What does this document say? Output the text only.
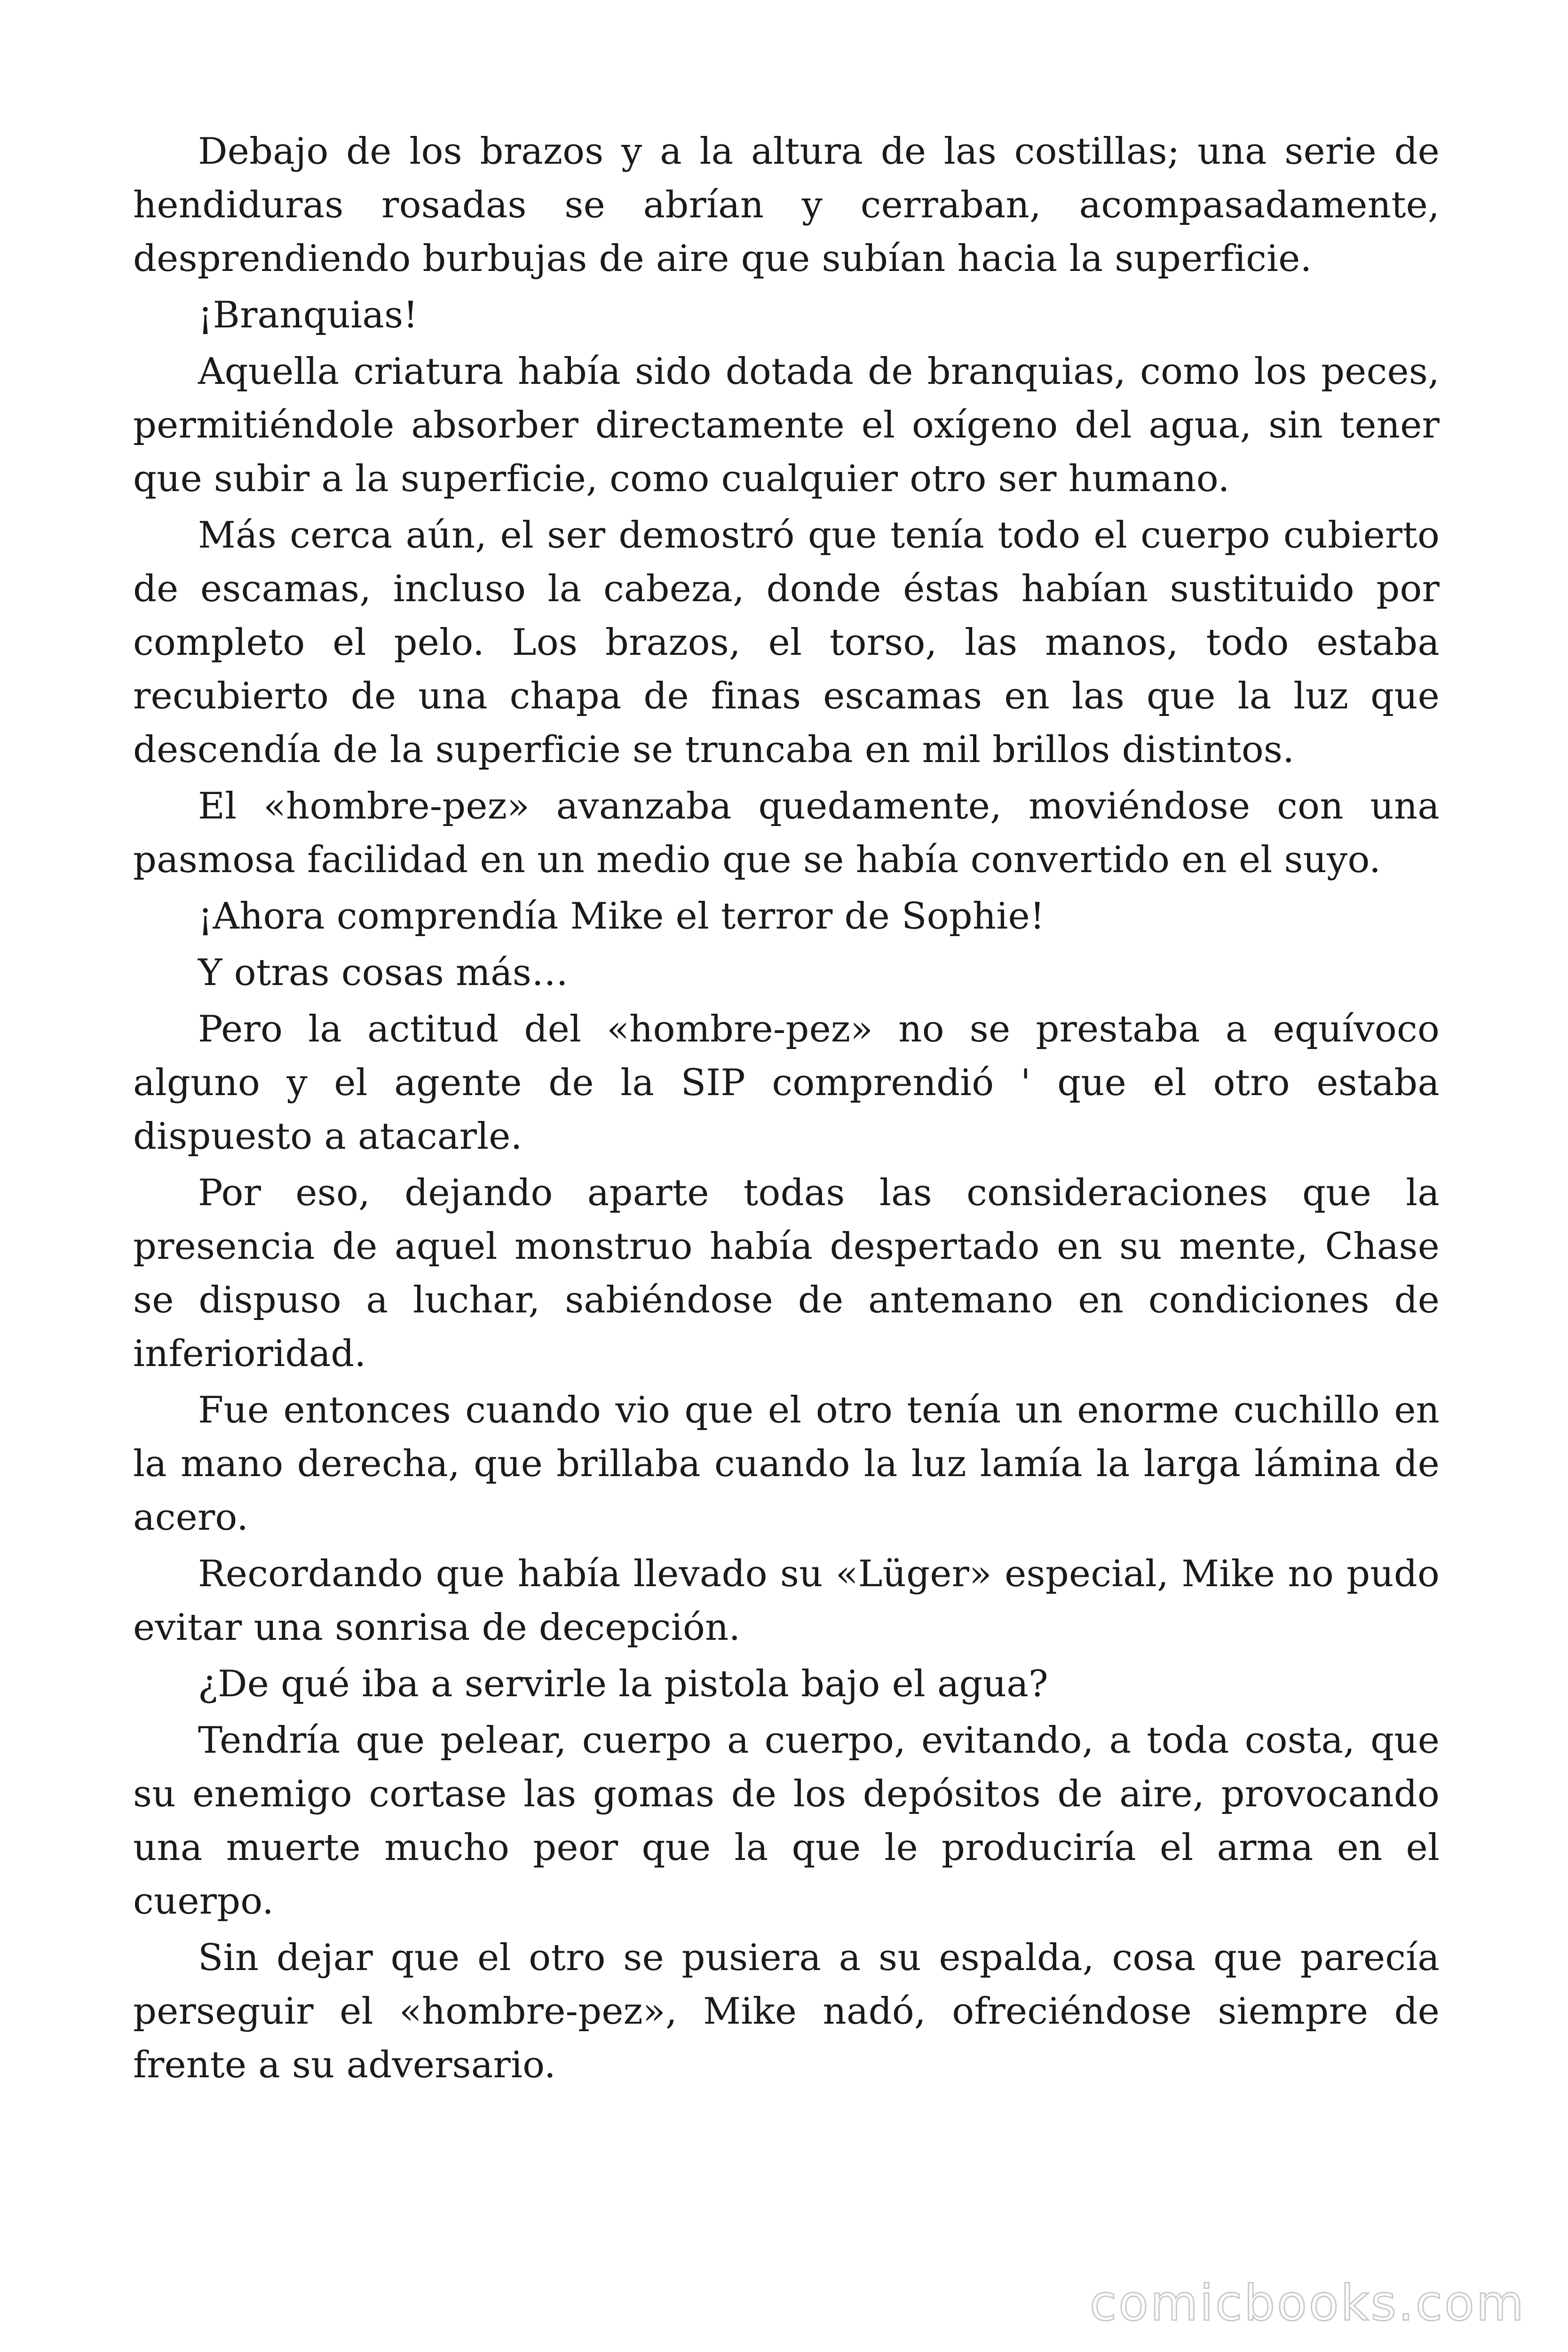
Debajo de los brazos y a la altura de las costillas; una serie de hendiduras rosadas se abrían y cerraban, acompasadamente, desprendiendo burbujas de aire que subían hacia la superficie.

¡Branquias!

Aquella criatura había sido dotada de branquias, como los peces, permitiéndole absorber directamente el oxígeno del agua, sin tener que subir a la superficie, como cualquier otro ser humano.

Más cerca aún, el ser demostró que tenía todo el cuerpo cubierto de escamas, incluso la cabeza, donde éstas habían sustituido por completo el pelo. Los brazos, el torso, las manos, todo estaba recubierto de una chapa de finas escamas en las que la luz que descendía de la superficie se truncaba en mil brillos distintos.

El «hombre-pez» avanzaba quedamente, moviéndose con una pasmosa facilidad en un medio que se había convertido en el suyo.

¡Ahora comprendía Mike el terror de Sophie!

Y otras cosas más…

Pero la actitud del «hombre-pez» no se prestaba a equívoco alguno y el agente de la SIP comprendió ' que el otro estaba dispuesto a atacarle.

Por eso, dejando aparte todas las consideraciones que la presencia de aquel monstruo había despertado en su mente, Chase se dispuso a luchar, sabiéndose de antemano en condiciones de inferioridad.

Fue entonces cuando vio que el otro tenía un enorme cuchillo en la mano derecha, que brillaba cuando la luz lamía la larga lámina de acero.

Recordando que había llevado su «Lüger» especial, Mike no pudo evitar una sonrisa de decepción.

¿De qué iba a servirle la pistola bajo el agua?

Tendría que pelear, cuerpo a cuerpo, evitando, a toda costa, que su enemigo cortase las gomas de los depósitos de aire, provocando una muerte mucho peor que la que le produciría el arma en el cuerpo.

Sin dejar que el otro se pusiera a su espalda, cosa que parecía perseguir el «hombre-pez», Mike nadó, ofreciéndose siempre de frente a su adversario.

comicbooks.com
